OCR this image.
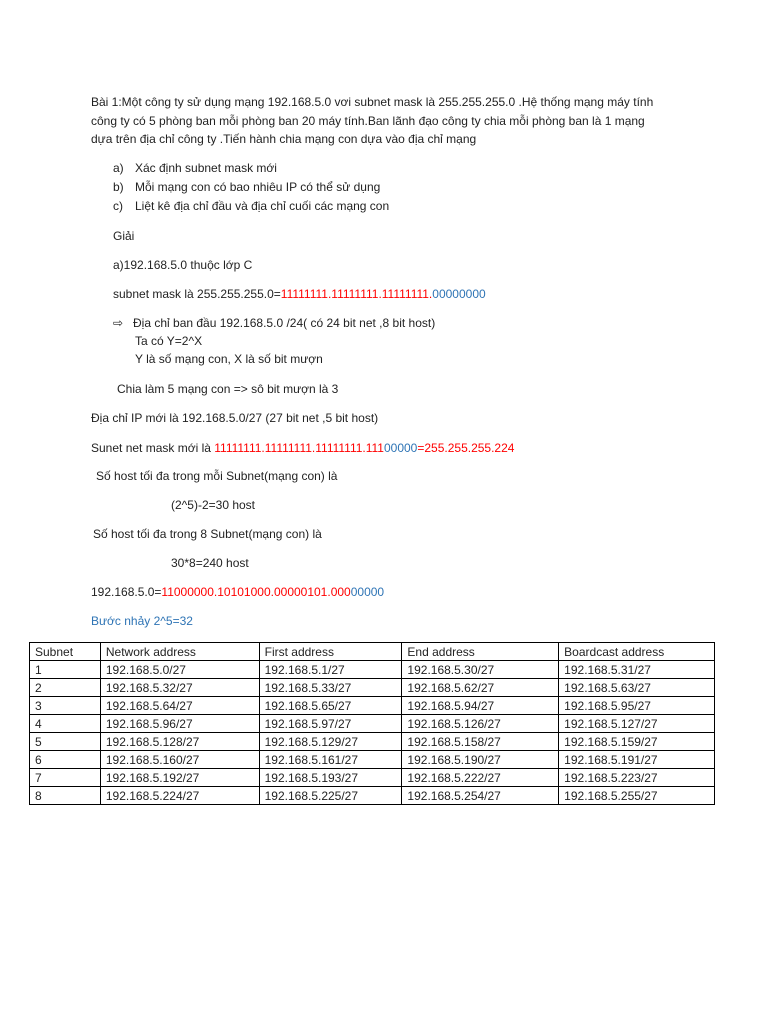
Bài 1:Một công ty sử dụng mạng 192.168.5.0 vơi subnet mask là 255.255.255.0 .Hệ thống mạng máy tính
công ty có 5 phòng ban mỗi phòng ban 20 máy tính.Ban lãnh đạo công ty chia mỗi phòng ban là 1 mạng
dựa trên địa chỉ công ty .Tiến hành chia mạng con dựa vào địa chỉ mạng
a) Xác định subnet mask mới
b) Mỗi mạng con có bao nhiêu IP có thể sử dụng
c) Liệt kê địa chỉ đầu và địa chỉ cuối các mạng con
Giải
a)192.168.5.0 thuộc lớp C
subnet mask là 255.255.255.0=11111111.11111111.11111111.00000000
⇨ Địa chỉ ban đầu 192.168.5.0 /24( có 24 bit net ,8 bit host)
Ta có Y=2^X
Y là số mạng con, X là số bit mượn
Chia làm 5 mạng con => sô bit mượn là 3
Địa chỉ IP mới là 192.168.5.0/27 (27 bit net ,5 bit host)
Sunet net mask mới là 11111111.11111111.11111111.11100000=255.255.255.224
Số host tối đa trong mỗi Subnet(mạng con) là
(2^5)-2=30 host
Số host tối đa trong 8 Subnet(mạng con) là
30*8=240 host
192.168.5.0=11000000.10101000.00000101.00000000
Bước nhảy 2^5=32
Subnet	Network address	First address	End address	Boardcast address
1	192.168.5.0/27	192.168.5.1/27	192.168.5.30/27	192.168.5.31/27
2	192.168.5.32/27	192.168.5.33/27	192.168.5.62/27	192.168.5.63/27
3	192.168.5.64/27	192.168.5.65/27	192.168.5.94/27	192.168.5.95/27
4	192.168.5.96/27	192.168.5.97/27	192.168.5.126/27	192.168.5.127/27
5	192.168.5.128/27	192.168.5.129/27	192.168.5.158/27	192.168.5.159/27
6	192.168.5.160/27	192.168.5.161/27	192.168.5.190/27	192.168.5.191/27
7	192.168.5.192/27	192.168.5.193/27	192.168.5.222/27	192.168.5.223/27
8	192.168.5.224/27	192.168.5.225/27	192.168.5.254/27	192.168.5.255/27
